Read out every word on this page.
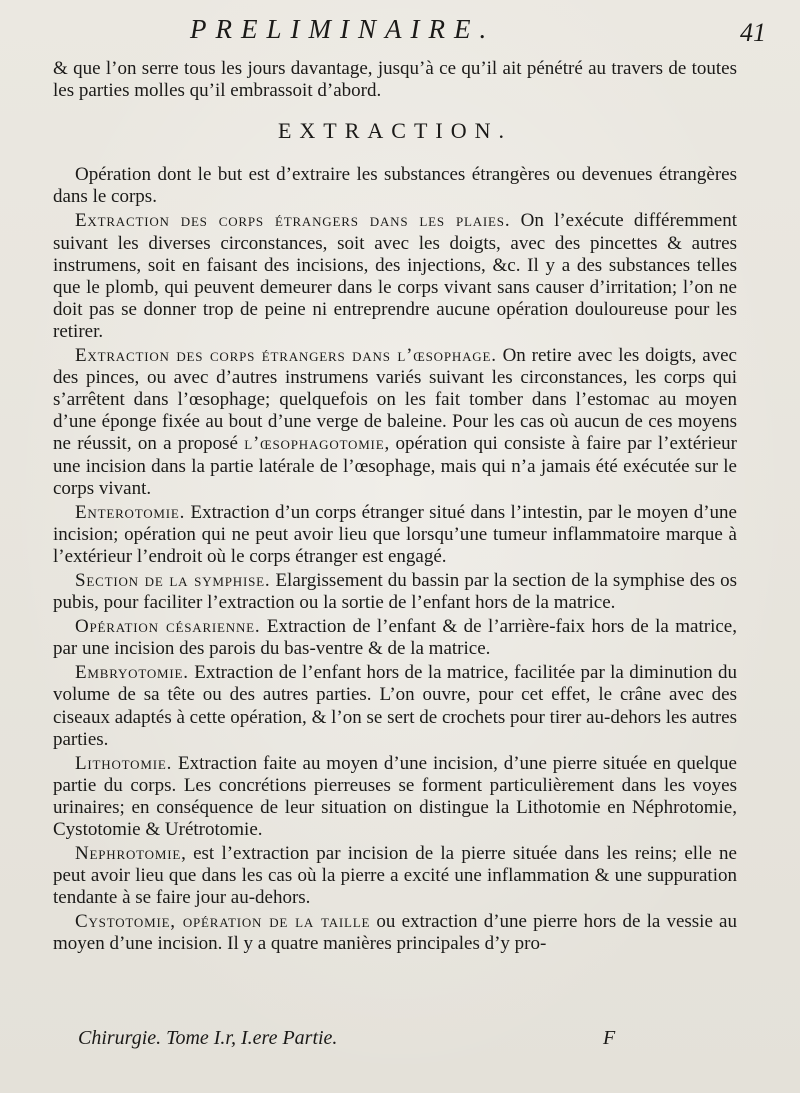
PRELIMINAIRE.	41

& que l’on serre tous les jours davantage, jusqu’à ce qu’il ait pénétré au travers de toutes les parties molles qu’il embrassoit d’abord.

EXTRACTION.

Opération dont le but est d’extraire les substances étrangères ou devenues étrangères dans le corps.

Extraction des corps étrangers dans les plaies. On l’exécute différemment suivant les diverses circonstances, soit avec les doigts, avec des pincettes & autres instrumens, soit en faisant des incisions, des injections, &c. Il y a des substances telles que le plomb, qui peuvent demeurer dans le corps vivant sans causer d’irritation; l’on ne doit pas se donner trop de peine ni entreprendre aucune opération douloureuse pour les retirer.

Extraction des corps étrangers dans l’œsophage. On retire avec les doigts, avec des pinces, ou avec d’autres instrumens variés suivant les circonstances, les corps qui s’arrêtent dans l’œsophage; quelquefois on les fait tomber dans l’estomac au moyen d’une éponge fixée au bout d’une verge de baleine. Pour les cas où aucun de ces moyens ne réussit, on a proposé l’œsophagotomie, opération qui consiste à faire par l’extérieur une incision dans la partie latérale de l’œsophage, mais qui n’a jamais été exécutée sur le corps vivant.

Enterotomie. Extraction d’un corps étranger situé dans l’intestin, par le moyen d’une incision; opération qui ne peut avoir lieu que lorsqu’une tumeur inflammatoire marque à l’extérieur l’endroit où le corps étranger est engagé.

Section de la symphise. Elargissement du bassin par la section de la symphise des os pubis, pour faciliter l’extraction ou la sortie de l’enfant hors de la matrice.

Opération césarienne. Extraction de l’enfant & de l’arrière-faix hors de la matrice, par une incision des parois du bas-ventre & de la matrice.

Embryotomie. Extraction de l’enfant hors de la matrice, facilitée par la diminution du volume de sa tête ou des autres parties. L’on ouvre, pour cet effet, le crâne avec des ciseaux adaptés à cette opération, & l’on se sert de crochets pour tirer au-dehors les autres parties.

Lithotomie. Extraction faite au moyen d’une incision, d’une pierre située en quelque partie du corps. Les concrétions pierreuses se forment particulièrement dans les voyes urinaires; en conséquence de leur situation on distingue la Lithotomie en Néphrotomie, Cystotomie & Urétrotomie.

Nephrotomie, est l’extraction par incision de la pierre située dans les reins; elle ne peut avoir lieu que dans les cas où la pierre a excité une inflammation & une suppuration tendante à se faire jour au-dehors.

Cystotomie, opération de la taille ou extraction d’une pierre hors de la vessie au moyen d’une incision. Il y a quatre manières principales d’y pro-

Chirurgie. Tome I.r, I.ere Partie.	F
